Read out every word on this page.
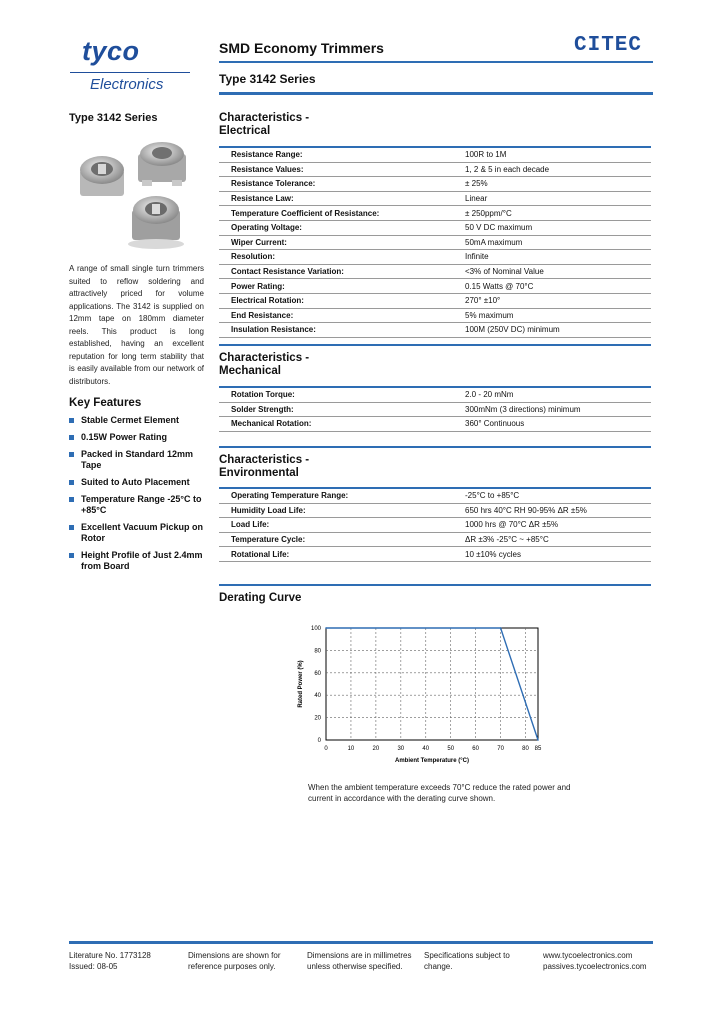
tyco
Electronics
SMD Economy Trimmers	CITEC
Type 3142 Series
Type 3142 Series
A range of small single turn trimmers suited to reflow soldering and attractively priced for volume applications. The 3142 is supplied on 12mm tape on 180mm diameter reels. This product is long established, having an excellent reputation for long term stability that is easily available from our network of distributors.
Key Features
Stable Cermet Element
0.15W Power Rating
Packed in Standard 12mm Tape
Suited to Auto Placement
Temperature Range -25°C to +85°C
Excellent Vacuum Pickup on Rotor
Height Profile of Just 2.4mm from Board
Characteristics -
Electrical
Resistance Range:	100R to 1M
Resistance Values:	1, 2 & 5 in each decade
Resistance Tolerance:	± 25%
Resistance Law:	Linear
Temperature Coefficient of Resistance:	± 250ppm/°C
Operating Voltage:	50 V DC maximum
Wiper Current:	50mA maximum
Resolution:	Infinite
Contact Resistance Variation:	<3% of Nominal Value
Power Rating:	0.15 Watts @ 70°C
Electrical Rotation:	270° ±10°
End Resistance:	5% maximum
Insulation Resistance:	100M (250V DC) minimum
Characteristics -
Mechanical
Rotation Torque:	2.0 - 20 mNm
Solder Strength:	300mNm (3 directions) minimum
Mechanical Rotation:	360° Continuous
Characteristics -
Environmental
Operating Temperature Range:	-25°C to +85°C
Humidity Load Life:	650 hrs 40°C RH 90-95% ΔR ±5%
Load Life:	1000 hrs @ 70°C ΔR ±5%
Temperature Cycle:	ΔR ±3% -25°C ~ +85°C
Rotational Life:	10 ±10% cycles
Derating Curve
0	10	20	30	40	50	60	70	80 85
0
20
40
60
80
100
Ambient Temperature (°C)
Rated Power (%)
When the ambient temperature exceeds 70°C reduce the rated power and current in accordance with the derating curve shown.
Literature No. 1773128
Issued: 08-05
Dimensions are shown for
reference purposes only.
Dimensions are in millimetres
unless otherwise specified.
Specifications subject to
change.
www.tycoelectronics.com
passives.tycoelectronics.com
